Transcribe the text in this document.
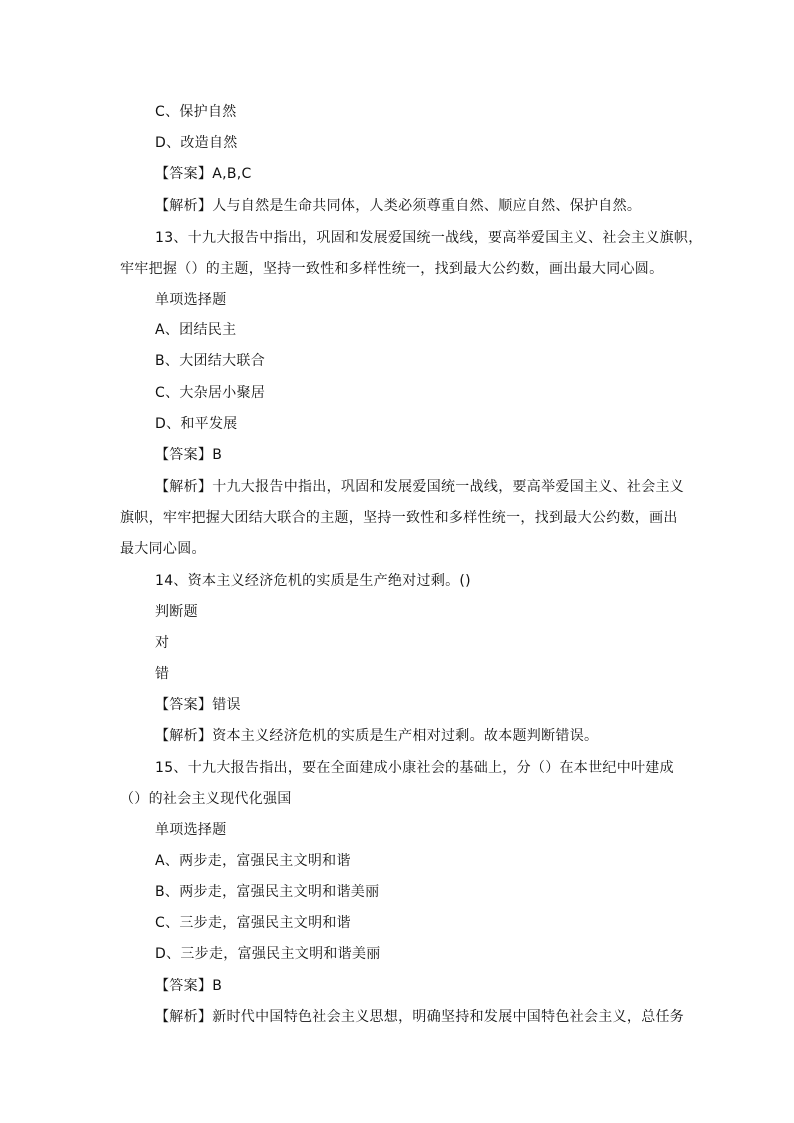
C、保护自然
D、改造自然
【答案】A,B,C
【解析】人与自然是生命共同体，人类必须尊重自然、顺应自然、保护自然。
13、十九大报告中指出，巩固和发展爱国统一战线，要高举爱国主义、社会主义旗帜，
牢牢把握（）的主题，坚持一致性和多样性统一，找到最大公约数，画出最大同心圆。
单项选择题
A、团结民主
B、大团结大联合
C、大杂居小聚居
D、和平发展
【答案】B
【解析】十九大报告中指出，巩固和发展爱国统一战线，要高举爱国主义、社会主义
旗帜，牢牢把握大团结大联合的主题，坚持一致性和多样性统一，找到最大公约数，画出
最大同心圆。
14、资本主义经济危机的实质是生产绝对过剩。()
判断题
对
错
【答案】错误
【解析】资本主义经济危机的实质是生产相对过剩。故本题判断错误。
15、十九大报告指出，要在全面建成小康社会的基础上，分（）在本世纪中叶建成
（）的社会主义现代化强国
单项选择题
A、两步走，富强民主文明和谐
B、两步走，富强民主文明和谐美丽
C、三步走，富强民主文明和谐
D、三步走，富强民主文明和谐美丽
【答案】B
【解析】新时代中国特色社会主义思想，明确坚持和发展中国特色社会主义，总任务
